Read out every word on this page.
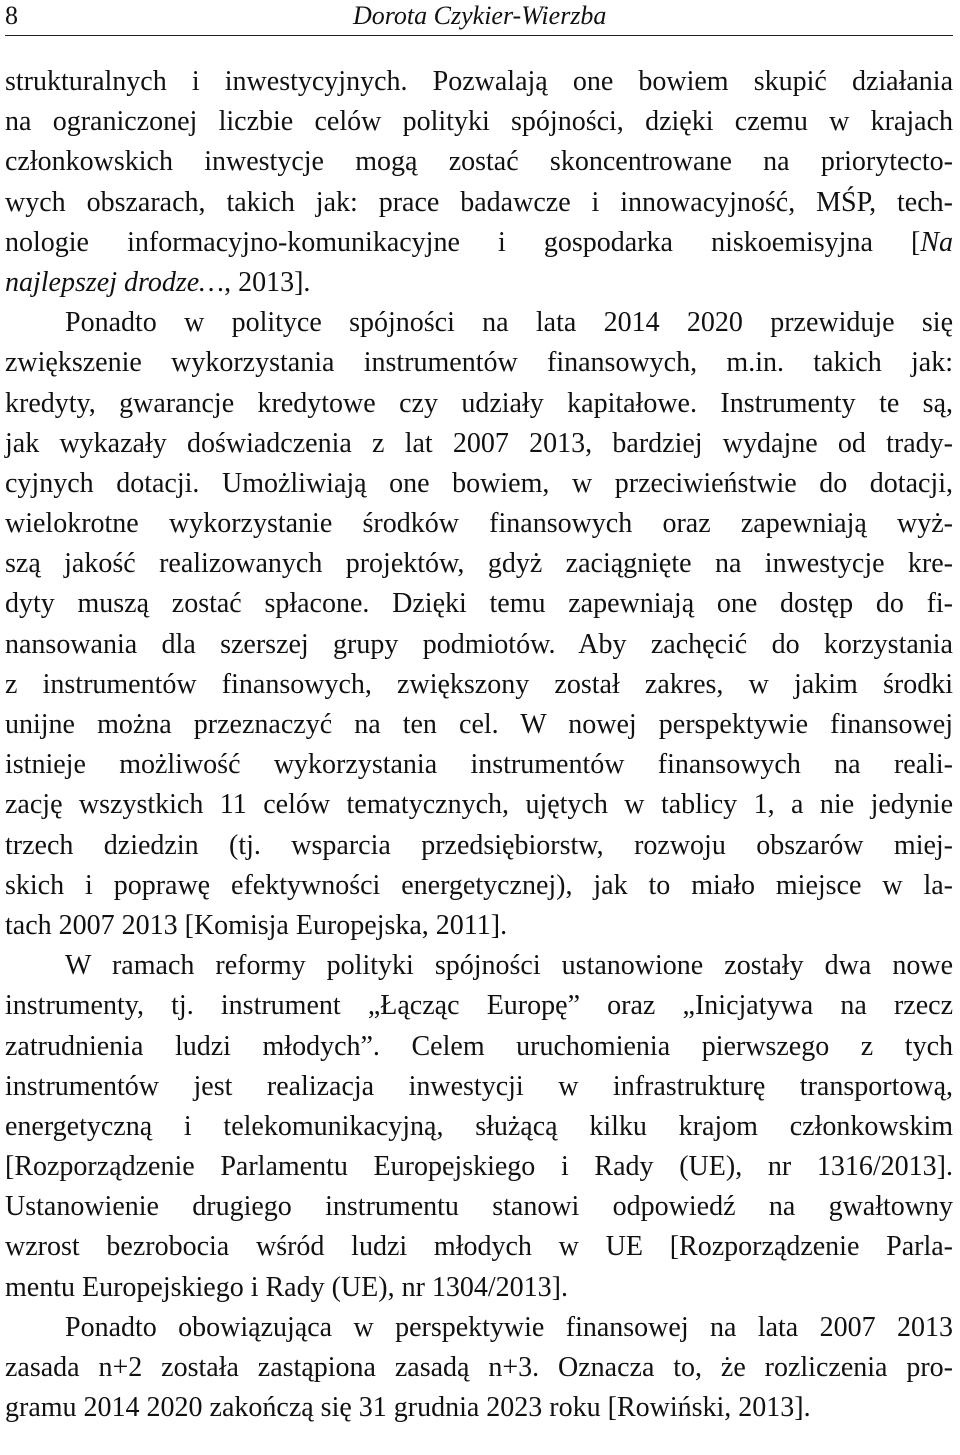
8	Dorota Czykier-Wierzba
strukturalnych i inwestycyjnych. Pozwalają one bowiem skupić działania
na ograniczonej liczbie celów polityki spójności, dzięki czemu w krajach
członkowskich inwestycje mogą zostać skoncentrowane na priorytecto-
wych obszarach, takich jak: prace badawcze i innowacyjność, MŚP, tech-
nologie informacyjno-komunikacyjne i gospodarka niskoemisyjna [Na
najlepszej drodze…, 2013].
Ponadto w polityce spójności na lata 2014 2020 przewiduje się
zwiększenie wykorzystania instrumentów finansowych, m.in. takich jak:
kredyty, gwarancje kredytowe czy udziały kapitałowe. Instrumenty te są,
jak wykazały doświadczenia z lat 2007 2013, bardziej wydajne od trady-
cyjnych dotacji. Umożliwiają one bowiem, w przeciwieństwie do dotacji,
wielokrotne wykorzystanie środków finansowych oraz zapewniają wyż-
szą jakość realizowanych projektów, gdyż zaciągnięte na inwestycje kre-
dyty muszą zostać spłacone. Dzięki temu zapewniają one dostęp do fi-
nansowania dla szerszej grupy podmiotów. Aby zachęcić do korzystania
z instrumentów finansowych, zwiększony został zakres, w jakim środki
unijne można przeznaczyć na ten cel. W nowej perspektywie finansowej
istnieje możliwość wykorzystania instrumentów finansowych na reali-
zację wszystkich 11 celów tematycznych, ujętych w tablicy 1, a nie jedynie
trzech dziedzin (tj. wsparcia przedsiębiorstw, rozwoju obszarów miej-
skich i poprawę efektywności energetycznej), jak to miało miejsce w la-
tach 2007 2013 [Komisja Europejska, 2011].
W ramach reformy polityki spójności ustanowione zostały dwa nowe
instrumenty, tj. instrument „Łącząc Europę” oraz „Inicjatywa na rzecz
zatrudnienia ludzi młodych”. Celem uruchomienia pierwszego z tych
instrumentów jest realizacja inwestycji w infrastrukturę transportową,
energetyczną i telekomunikacyjną, służącą kilku krajom członkowskim
[Rozporządzenie Parlamentu Europejskiego i Rady (UE), nr 1316/2013].
Ustanowienie drugiego instrumentu stanowi odpowiedź na gwałtowny
wzrost bezrobocia wśród ludzi młodych w UE [Rozporządzenie Parla-
mentu Europejskiego i Rady (UE), nr 1304/2013].
Ponadto obowiązująca w perspektywie finansowej na lata 2007 2013
zasada n+2 została zastąpiona zasadą n+3. Oznacza to, że rozliczenia pro-
gramu 2014 2020 zakończą się 31 grudnia 2023 roku [Rowiński, 2013].
